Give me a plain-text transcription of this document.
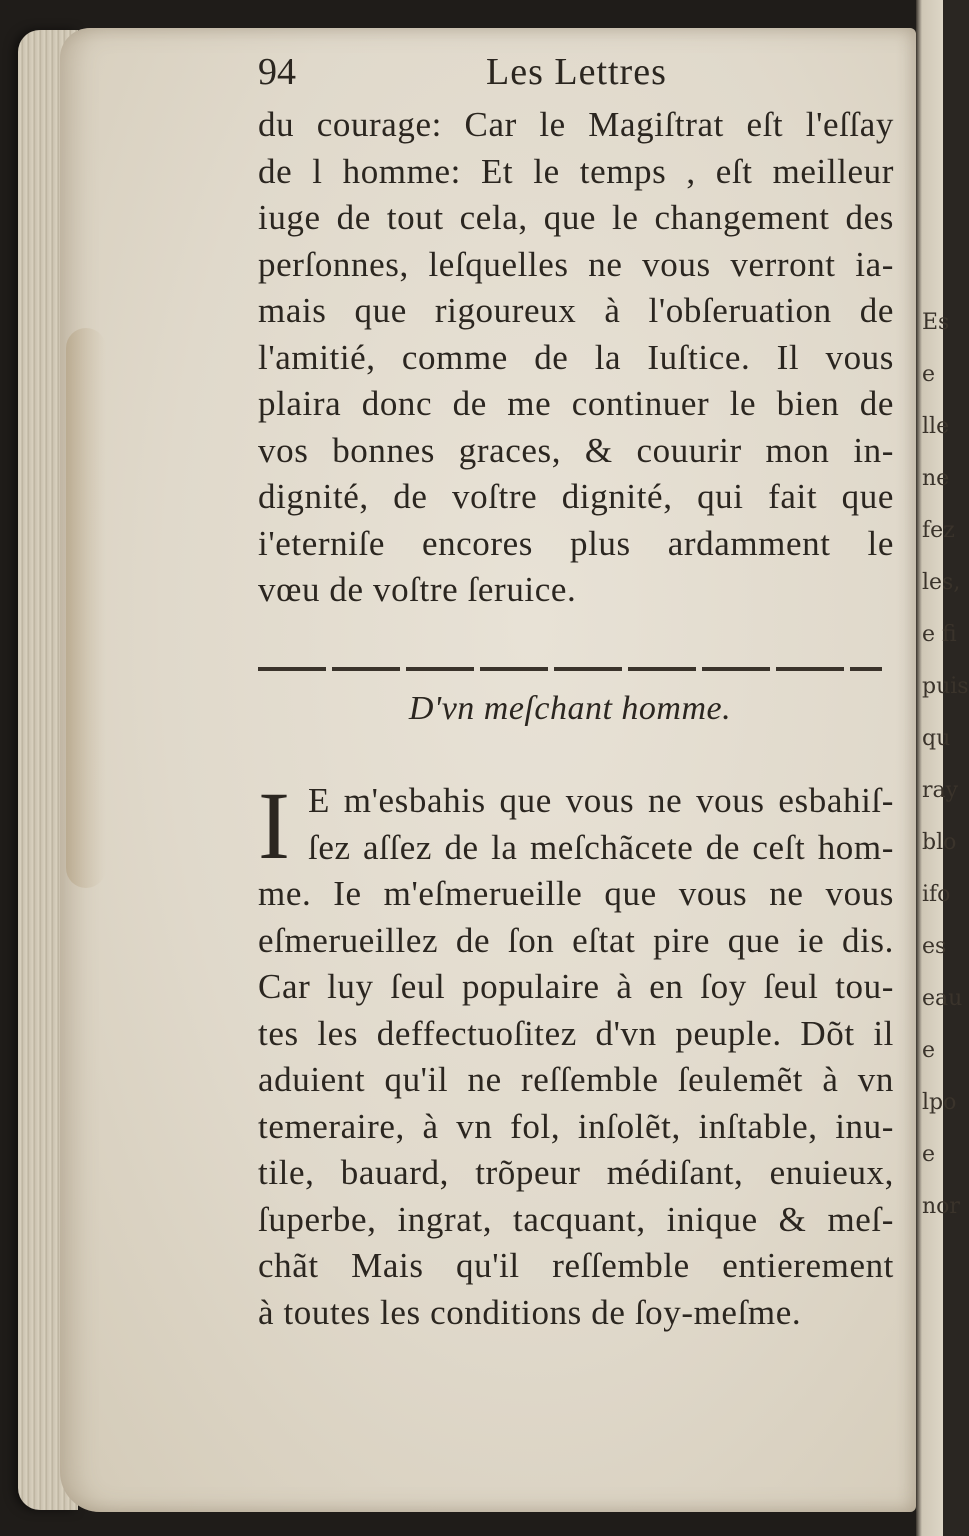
Es
e
lle
ne
fez
les,
e fi
puis
qu
ray
blo
ifo
es
eau
e
lpo
e
nor
94	Les Lettres
du courage: Car le Magiſtrat eſt l'eſſay
de l homme: Et le temps , eſt meilleur
iuge de tout cela, que le changement des
perſonnes, leſquelles ne vous verront ia-
mais que rigoureux à l'obſeruation de
l'amitié, comme de la Iuſtice. Il vous
plaira donc de me continuer le bien de
vos bonnes graces, & couurir mon in-
dignité, de voſtre dignité, qui fait que
i'eterniſe encores plus ardamment le
vœu de voſtre ſeruice.
D'vn meſchant homme.
I E m'esbahis que vous ne vous esbahiſ-
ſez aſſez de la meſchãcete de ceſt hom-
me. Ie m'eſmerueille que vous ne vous
eſmerueillez de ſon eſtat pire que ie dis.
Car luy ſeul populaire à en ſoy ſeul tou-
tes les deffectuoſitez d'vn peuple. Dõt il
aduient qu'il ne reſſemble ſeulemẽt à vn
temeraire, à vn fol, inſolẽt, inſtable, inu-
tile, bauard, trõpeur médiſant, enuieux,
ſuperbe, ingrat, tacquant, inique & meſ-
chãt Mais qu'il reſſemble entierement
à toutes les conditions de ſoy-meſme.
